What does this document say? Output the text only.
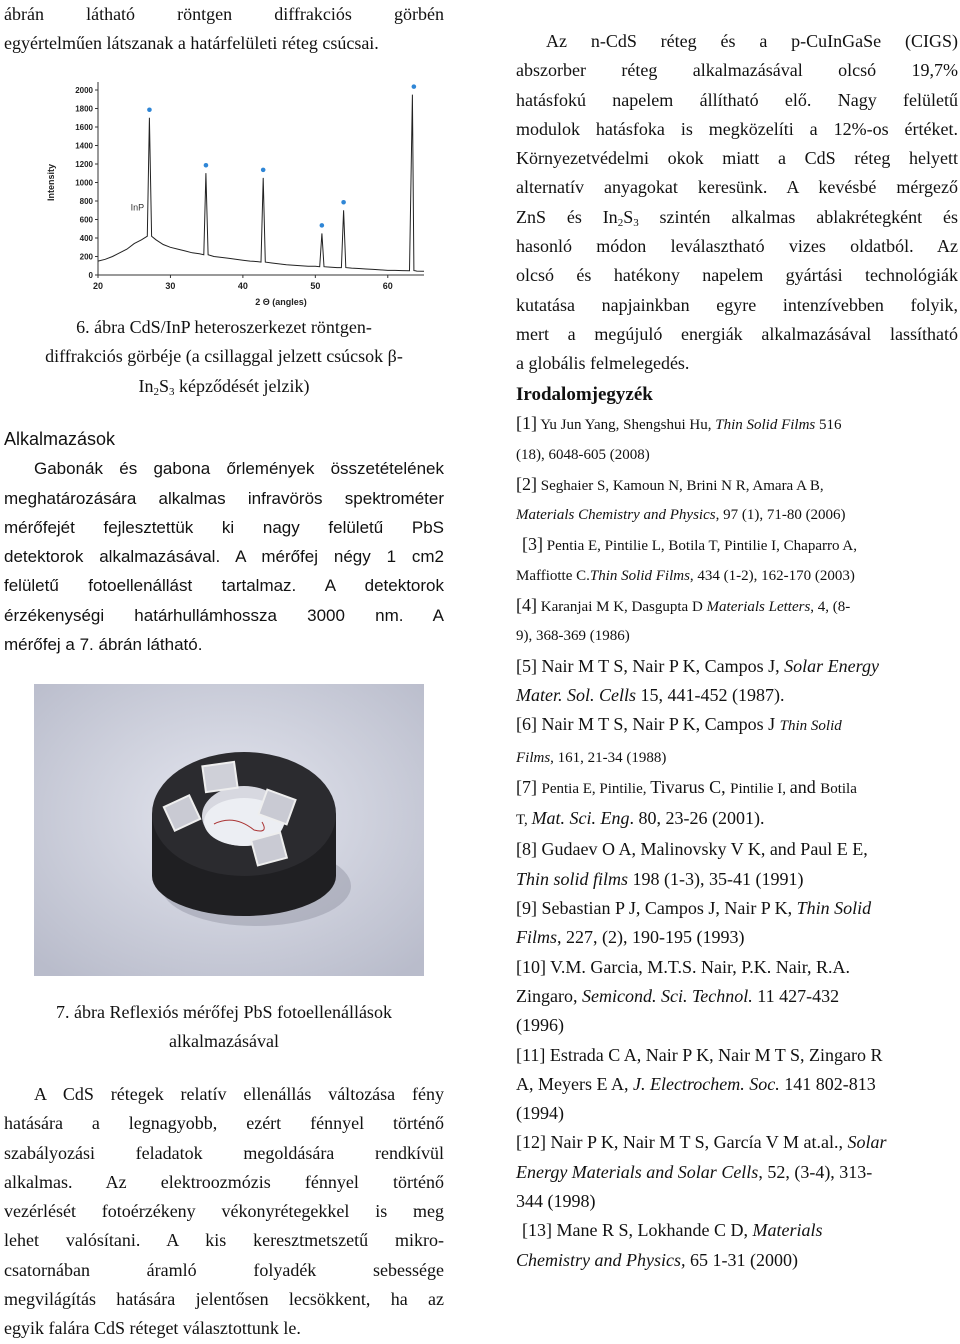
ábrán látható röntgen diffrakciós görbén
egyértelműen látszanak a határfelületi réteg csúcsai.
0
200
400
600
800
1000
1200
1400
1600
1800
2000
20	30	40	50	60
Intensity
2 Θ (angles)
InP
6. ábra CdS/InP heteroszerkezet röntgen-
diffrakciós görbéje (a csillaggal jelzett csúcsok β-
$In_2S_3$ képződését jelzik)
Alkalmazások
Gabonák és gabona őrlemények összetételének
meghatározására alkalmas infravörös spektrométer
mérőfejét fejlesztettük ki nagy felületű PbS
detektorok alkalmazásával. A mérőfej négy 1 cm2
felületű fotoellenállást tartalmaz. A detektorok
érzékenységi határhullámhossza 3000 nm. A
mérőfej a 7. ábrán látható.
7. ábra Reflexiós mérőfej PbS fotoellenállások
alkalmazásával
A CdS rétegek relatív ellenállás változása fény
hatására a legnagyobb, ezért fénnyel történő
szabályozási feladatok megoldására rendkívül
alkalmas. Az elektroozmózis fénnyel történő
vezérlését fotoérzékeny vékonyrétegekkel is meg
lehet valósítani. A kis keresztmetszetű mikro-
csatornában áramló folyadék sebessége
megvilágítás hatására jelentősen lecsökkent, ha az
egyik falára CdS réteget választottunk le.
Az n-CdS réteg és a p-CuInGaSe (CIGS)
abszorber réteg alkalmazásával olcsó 19,7%
hatásfokú napelem állítható elő. Nagy felületű
modulok hatásfoka is megközelíti a 12%-os értéket.
Környezetvédelmi okok miatt a CdS réteg helyett
alternatív anyagokat keresünk. A kevésbé mérgező
ZnS és $In_2S_3$ szintén alkalmas ablakrétegként és
hasonló módon leválasztható vizes oldatból. Az
olcsó és hatékony napelem gyártási technológiák
kutatása napjainkban egyre intenzívebben folyik,
mert a megújuló energiák alkalmazásával lassítható
a globális felmelegedés.
Irodalomjegyzék
[1] Yu Jun Yang, Shengshui Hu, Thin Solid Films 516
(18), 6048-605 (2008)
[2] Seghaier S, Kamoun N, Brini N R, Amara A B,
Materials Chemistry and Physics, 97 (1), 71-80 (2006)
[3] Pentia E, Pintilie L, Botila T, Pintilie I, Chaparro A,
Maffiotte C.Thin Solid Films, 434 (1-2), 162-170 (2003)
[4] Karanjai M K, Dasgupta D Materials Letters, 4, (8-
9), 368-369 (1986)
[5] Nair M T S, Nair P K, Campos J, Solar Energy
Mater. Sol. Cells 15, 441-452 (1987).
[6] Nair M T S, Nair P K, Campos J Thin Solid
Films, 161, 21-34 (1988)
[7] Pentia E, Pintilie, Tivarus C, Pintilie I, and Botila
T, Mat. Sci. Eng. 80, 23-26 (2001).
[8] Gudaev O A, Malinovsky V K, and Paul E E,
Thin solid films 198 (1-3), 35-41 (1991)
[9] Sebastian P J, Campos J, Nair P K, Thin Solid
Films, 227, (2), 190-195 (1993)
[10] V.M. Garcia, M.T.S. Nair, P.K. Nair, R.A.
Zingaro, Semicond. Sci. Technol. 11 427-432
(1996)
[11] Estrada C A, Nair P K, Nair M T S, Zingaro R
A, Meyers E A, J. Electrochem. Soc. 141 802-813
(1994)
[12] Nair P K, Nair M T S, García V M at.al., Solar
Energy Materials and Solar Cells, 52, (3-4), 313-
344 (1998)
[13] Mane R S, Lokhande C D, Materials
Chemistry and Physics, 65 1-31 (2000)
